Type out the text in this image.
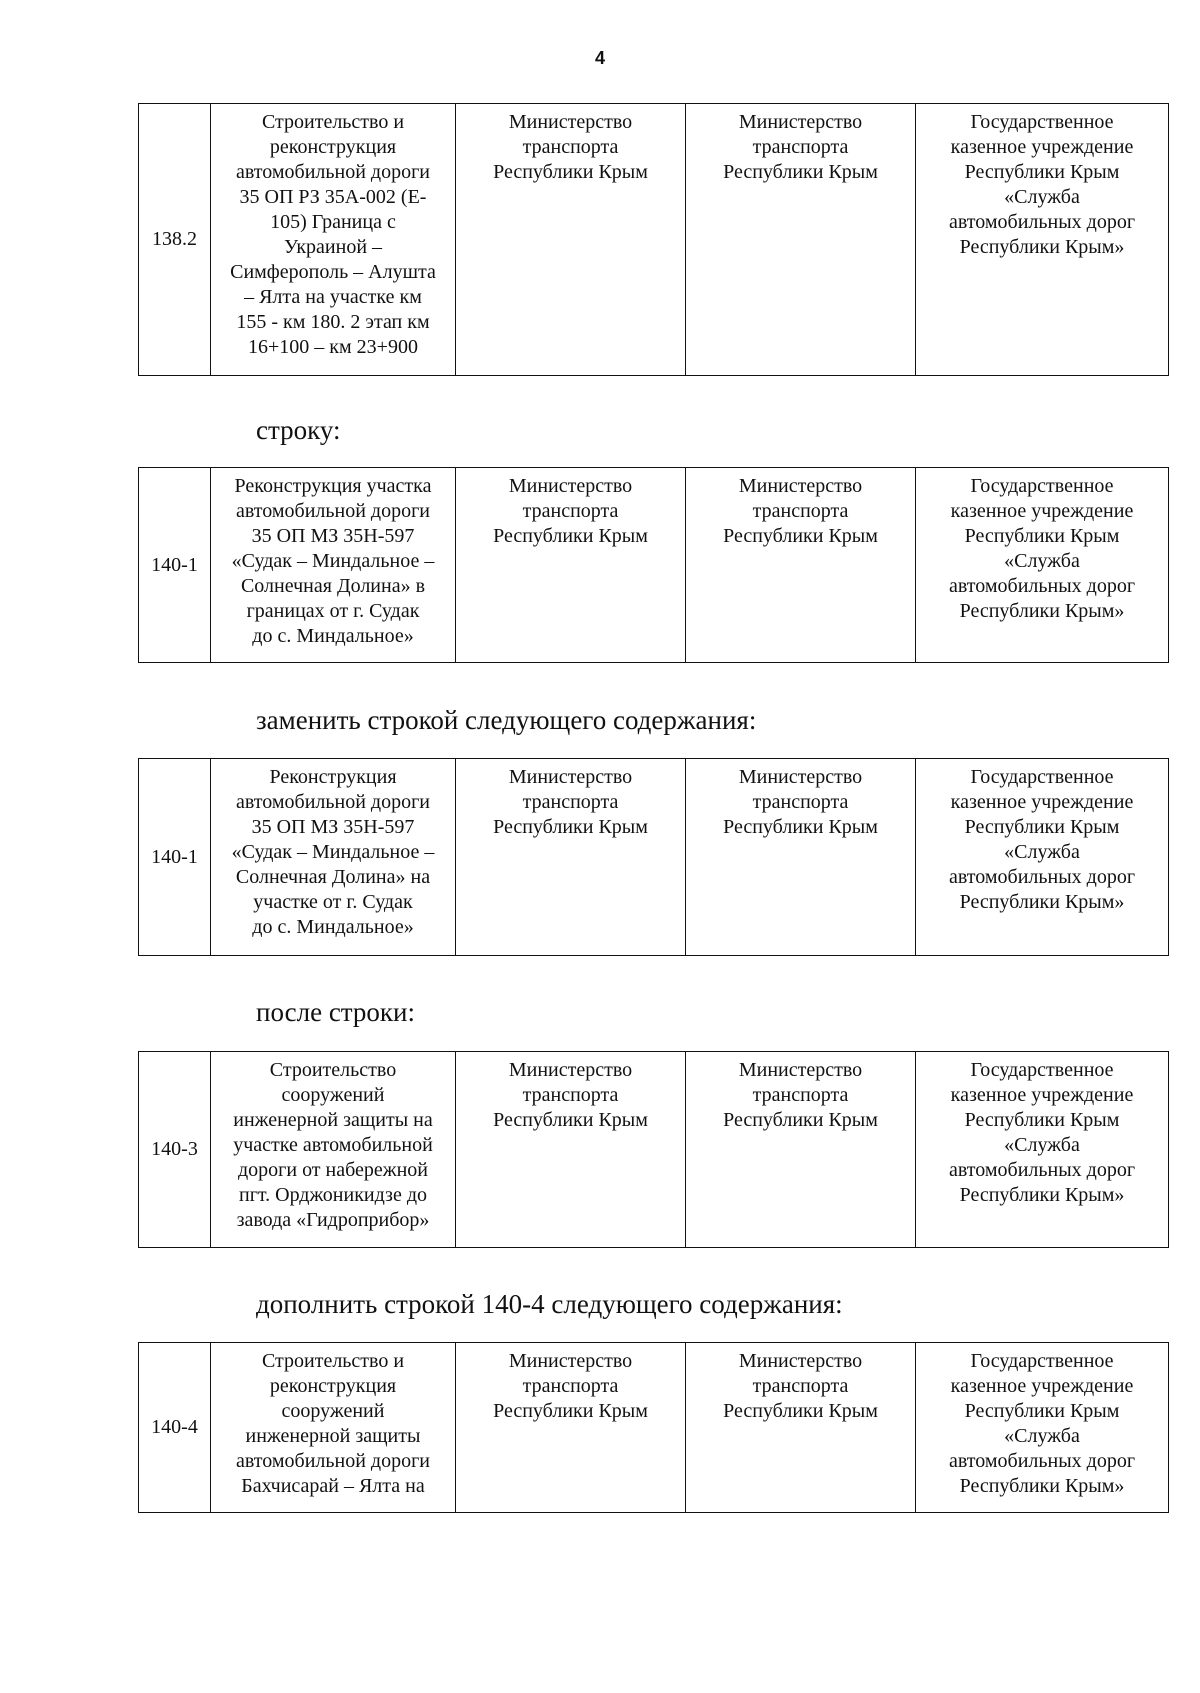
4
138.2	Строительство и
реконструкция
автомобильной дороги
35 ОП РЗ 35А-002 (Е-
105) Граница с
Украиной –
Симферополь – Алушта
– Ялта на участке км
155 - км 180. 2 этап км
16+100 – км 23+900	Министерство
транспорта
Республики Крым	Министерство
транспорта
Республики Крым	Государственное
казенное учреждение
Республики Крым
«Служба
автомобильных дорог
Республики Крым»
строку:
140-1	Реконструкция участка
автомобильной дороги
35 ОП МЗ 35Н-597
«Судак – Миндальное –
Солнечная Долина» в
границах от г. Судак
до с. Миндальное»	Министерство
транспорта
Республики Крым	Министерство
транспорта
Республики Крым	Государственное
казенное учреждение
Республики Крым
«Служба
автомобильных дорог
Республики Крым»
заменить строкой следующего содержания:
140-1	Реконструкция
автомобильной дороги
35 ОП МЗ 35Н-597
«Судак – Миндальное –
Солнечная Долина» на
участке от г. Судак
до с. Миндальное»	Министерство
транспорта
Республики Крым	Министерство
транспорта
Республики Крым	Государственное
казенное учреждение
Республики Крым
«Служба
автомобильных дорог
Республики Крым»
после строки:
140-3	Строительство
сооружений
инженерной защиты на
участке автомобильной
дороги от набережной
пгт. Орджоникидзе до
завода «Гидроприбор»	Министерство
транспорта
Республики Крым	Министерство
транспорта
Республики Крым	Государственное
казенное учреждение
Республики Крым
«Служба
автомобильных дорог
Республики Крым»
дополнить строкой 140-4 следующего содержания:
140-4	Строительство и
реконструкция
сооружений
инженерной защиты
автомобильной дороги
Бахчисарай – Ялта на	Министерство
транспорта
Республики Крым	Министерство
транспорта
Республики Крым	Государственное
казенное учреждение
Республики Крым
«Служба
автомобильных дорог
Республики Крым»
